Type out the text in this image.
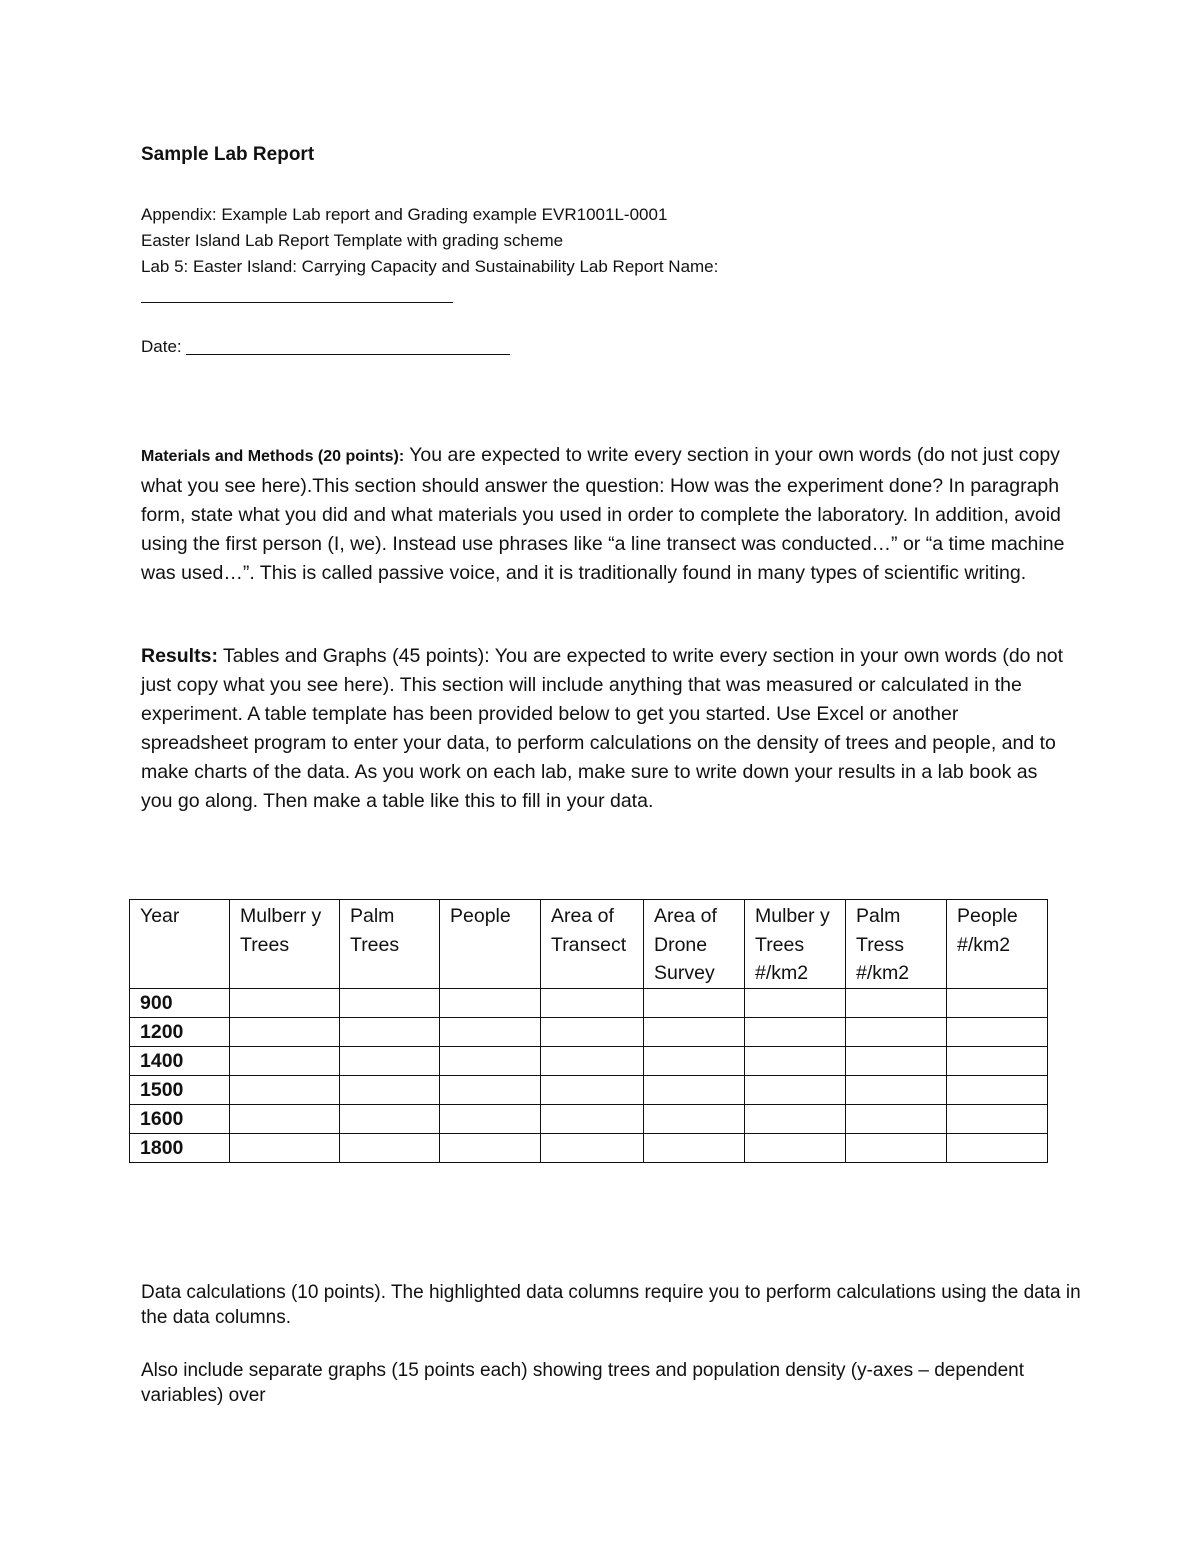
Sample Lab Report
Appendix: Example Lab report and Grading example EVR1001L-0001
Easter Island Lab Report Template with grading scheme
Lab 5: Easter Island: Carrying Capacity and Sustainability Lab Report Name:
Date:

Materials and Methods (20 points): You are expected to write every section in your own words (do not just copy what you see here).This section should answer the question: How was the experiment done? In paragraph form, state what you did and what materials you used in order to complete the laboratory. In addition, avoid using the first person (I, we). Instead use phrases like “a line transect was conducted…” or “a time machine was used…”. This is called passive voice, and it is traditionally found in many types of scientific writing.

Results: Tables and Graphs (45 points): You are expected to write every section in your own words (do not just copy what you see here). This section will include anything that was measured or calculated in the experiment. A table template has been provided below to get you started. Use Excel or another spreadsheet program to enter your data, to perform calculations on the density of trees and people, and to make charts of the data. As you work on each lab, make sure to write down your results in a lab book as you go along. Then make a table like this to fill in your data.

Year	Mulberr y Trees	Palm Trees	People	Area of Transect	Area of Drone Survey	Mulber y Trees #/km2	Palm Tress #/km2	People #/km2
900								
1200								
1400								
1500								
1600								
1800								

Data calculations (10 points). The highlighted data columns require you to perform calculations using the data in the data columns.

Also include separate graphs (15 points each) showing trees and population density (y-axes – dependent variables) over
